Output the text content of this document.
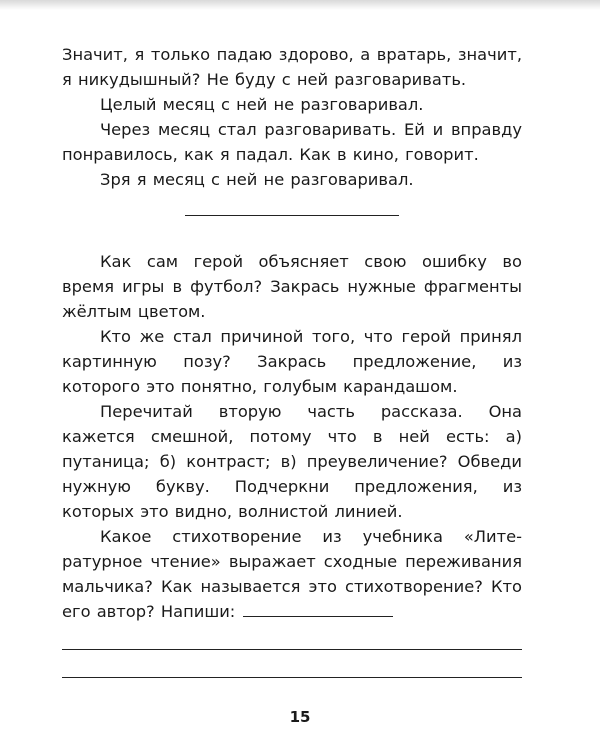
Значит, я только падаю здорово, а вратарь, значит, я никудышный? Не буду с ней разговаривать.

Целый месяц с ней не разговаривал.

Через месяц стал разговаривать. Ей и вправду понравилось, как я падал. Как в кино, говорит.

Зря я месяц с ней не разговаривал.

Как сам герой объясняет свою ошибку во время игры в футбол? Закрась нужные фрагменты жёлтым цветом.

Кто же стал причиной того, что герой принял картинную позу? Закрась предложение, из которого это понятно, голубым карандашом.

Перечитай вторую часть рассказа. Она кажется смешной, потому что в ней есть: а) путаница; б) контраст; в) преувеличение? Обведи нужную букву. Подчеркни предложения, из которых это видно, волнистой линией.

Какое стихотворение из учебника «Литературное чтение» выражает сходные переживания мальчика? Как называется это стихотворение? Кто его автор? Напиши:

15
